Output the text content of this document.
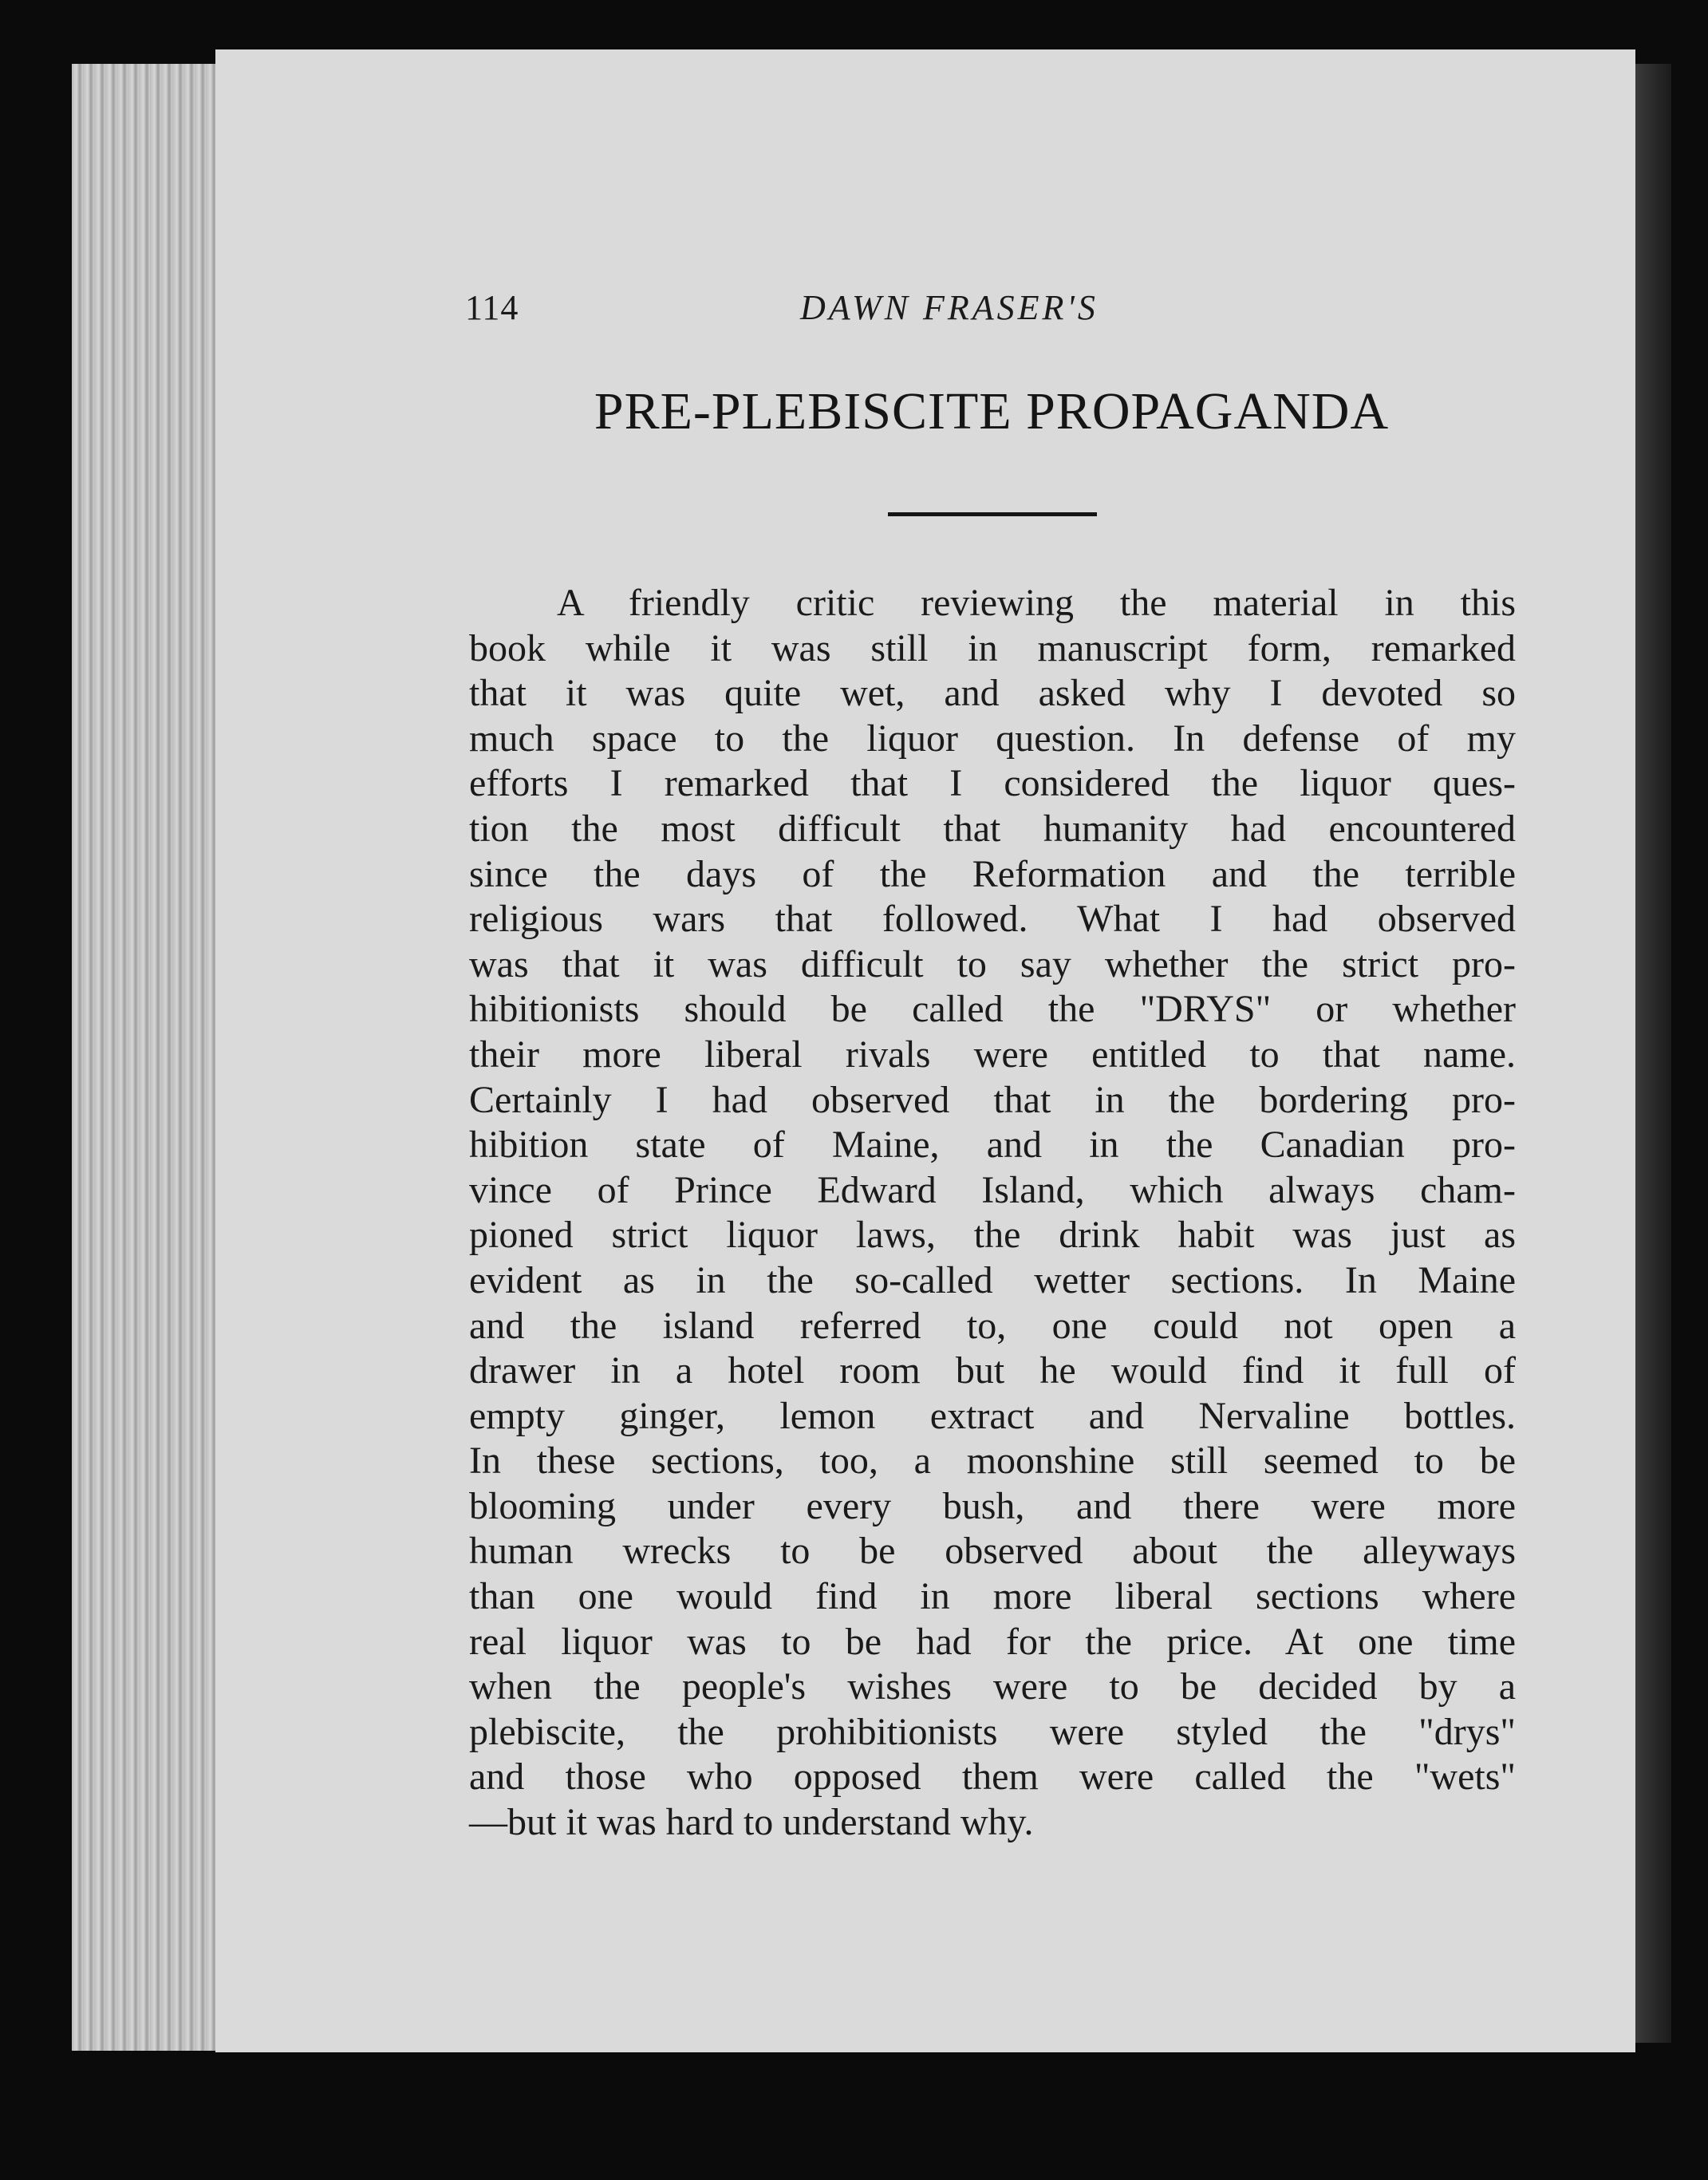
114	DAWN FRASER'S
PRE-PLEBISCITE PROPAGANDA
A friendly critic reviewing the material in this
book while it was still in manuscript form, remarked
that it was quite wet, and asked why I devoted so
much space to the liquor question. In defense of my
efforts I remarked that I considered the liquor ques-
tion the most difficult that humanity had encountered
since the days of the Reformation and the terrible
religious wars that followed. What I had observed
was that it was difficult to say whether the strict pro-
hibitionists should be called the "DRYS" or whether
their more liberal rivals were entitled to that name.
Certainly I had observed that in the bordering pro-
hibition state of Maine, and in the Canadian pro-
vince of Prince Edward Island, which always cham-
pioned strict liquor laws, the drink habit was just as
evident as in the so-called wetter sections. In Maine
and the island referred to, one could not open a
drawer in a hotel room but he would find it full of
empty ginger, lemon extract and Nervaline bottles.
In these sections, too, a moonshine still seemed to be
blooming under every bush, and there were more
human wrecks to be observed about the alleyways
than one would find in more liberal sections where
real liquor was to be had for the price. At one time
when the people's wishes were to be decided by a
plebiscite, the prohibitionists were styled the "drys"
and those who opposed them were called the "wets"
—but it was hard to understand why.
